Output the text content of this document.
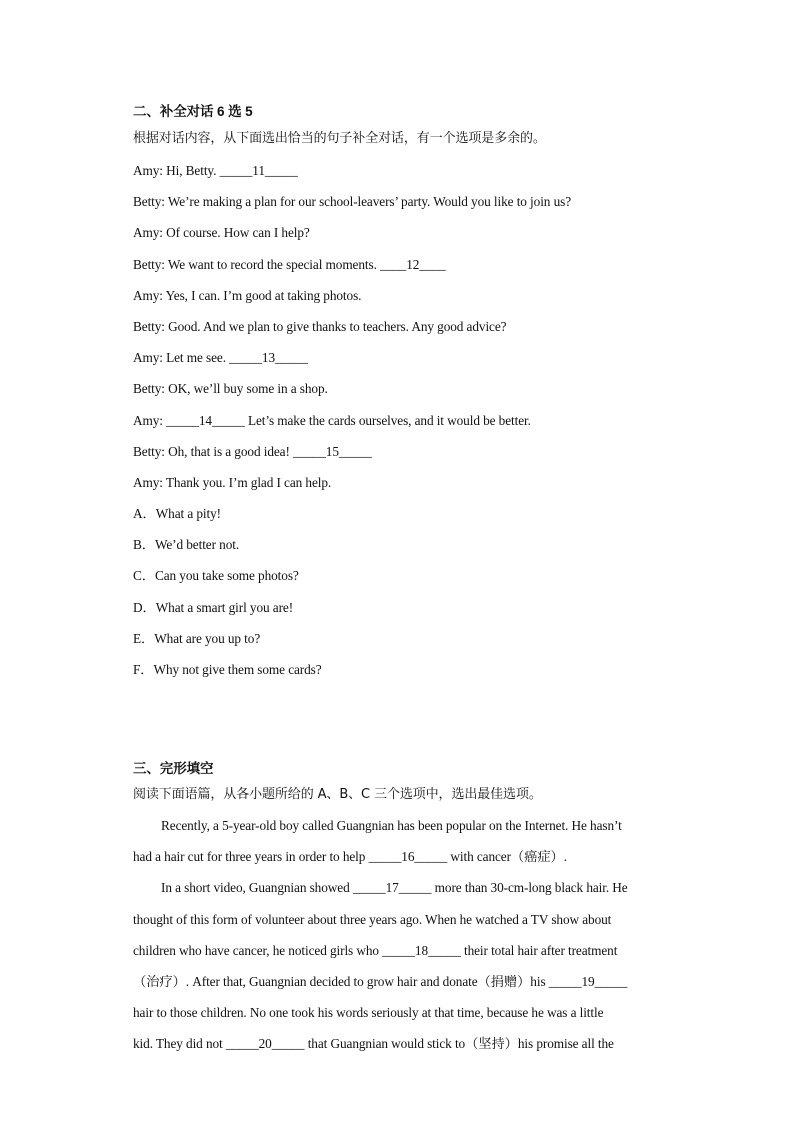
二、补全对话 6 选 5
根据对话内容，从下面选出恰当的句子补全对话，有一个选项是多余的。
Amy: Hi, Betty. _____11_____
Betty: We’re making a plan for our school-leavers’ party. Would you like to join us?
Amy: Of course. How can I help?
Betty: We want to record the special moments. ____12____
Amy: Yes, I can. I’m good at taking photos.
Betty: Good. And we plan to give thanks to teachers. Any good advice?
Amy: Let me see. _____13_____
Betty: OK, we’ll buy some in a shop.
Amy: _____14_____ Let’s make the cards ourselves, and it would be better.
Betty: Oh, that is a good idea! _____15_____
Amy: Thank you. I’m glad I can help.
A．What a pity!
B．We’d better not.
C．Can you take some photos?
D．What a smart girl you are!
E．What are you up to?
F．Why not give them some cards?
三、完形填空
阅读下面语篇，从各小题所给的 A、B、C 三个选项中，选出最佳选项。
Recently, a 5-year-old boy called Guangnian has been popular on the Internet. He hasn’t
had a hair cut for three years in order to help _____16_____ with cancer（癌症）.
In a short video, Guangnian showed _____17_____ more than 30-cm-long black hair. He
thought of this form of volunteer about three years ago. When he watched a TV show about
children who have cancer, he noticed girls who _____18_____ their total hair after treatment
（治疗）. After that, Guangnian decided to grow hair and donate（捐赠）his _____19_____
hair to those children. No one took his words seriously at that time, because he was a little
kid. They did not _____20_____ that Guangnian would stick to（坚持）his promise all the
